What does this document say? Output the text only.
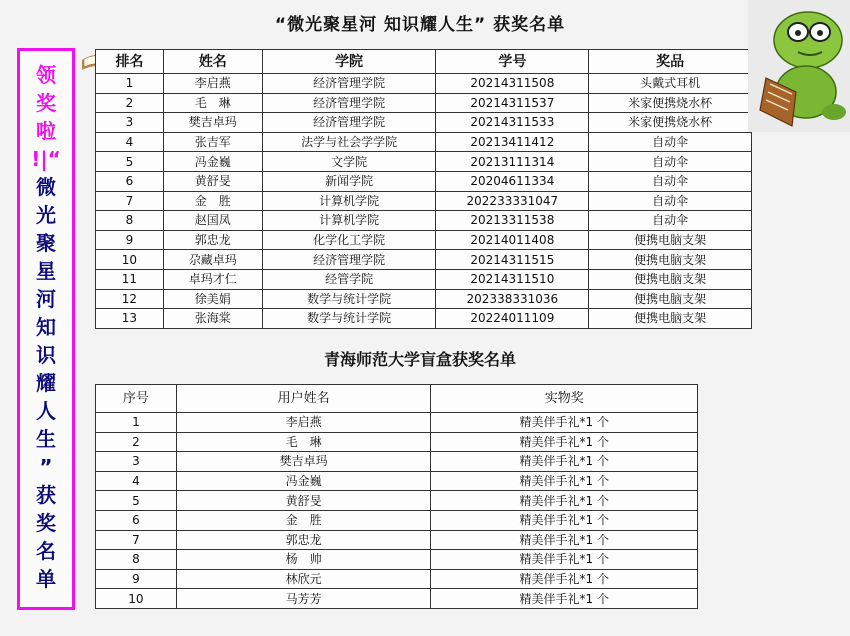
领
奖
啦
!|“
微
光
聚
星
河
知
识
耀
人
生
”
获
奖
名
单
“微光聚星河 知识耀人生” 获奖名单
排名	姓名	学院	学号	奖品
1	李启燕	经济管理学院	20214311508	头戴式耳机
2	毛　琳	经济管理学院	20214311537	米家便携烧水杯
3	樊吉卓玛	经济管理学院	20214311533	米家便携烧水杯
4	张吉军	法学与社会学学院	20213411412	自动伞
5	冯金巍	文学院	20213111314	自动伞
6	黄舒旻	新闻学院	20204611334	自动伞
7	金　胜	计算机学院	202233331047	自动伞
8	赵国凤	计算机学院	20213311538	自动伞
9	郭忠龙	化学化工学院	20214011408	便携电脑支架
10	尕藏卓玛	经济管理学院	20214311515	便携电脑支架
11	卓玛才仁	经管学院	20214311510	便携电脑支架
12	徐美娟	数学与统计学院	202338331036	便携电脑支架
13	张海棠	数学与统计学院	20224011109	便携电脑支架
青海师范大学盲盒获奖名单
序号	用户姓名	实物奖
1	李启燕	精美伴手礼*1 个
2	毛　琳	精美伴手礼*1 个
3	樊吉卓玛	精美伴手礼*1 个
4	冯金巍	精美伴手礼*1 个
5	黄舒旻	精美伴手礼*1 个
6	金　胜	精美伴手礼*1 个
7	郭忠龙	精美伴手礼*1 个
8	杨　帅	精美伴手礼*1 个
9	林欣元	精美伴手礼*1 个
10	马芳芳	精美伴手礼*1 个
